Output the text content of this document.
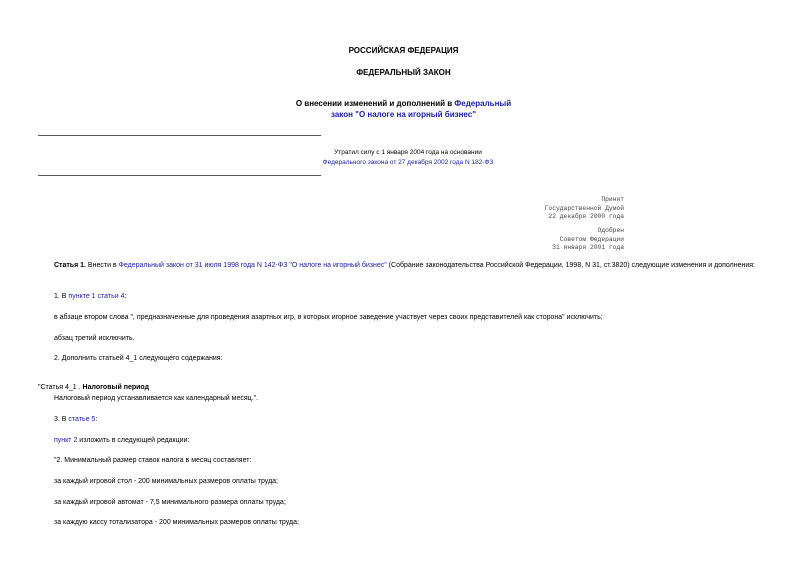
РОССИЙСКАЯ ФЕДЕРАЦИЯ
ФЕДЕРАЛЬНЫЙ ЗАКОН
О внесении изменений и дополнений в Федеральный
закон "О налоге на игорный бизнес"
Утратил силу с 1 января 2004 года на основании
Федерального закона от 27 декабря 2002 года N 182-ФЗ
Принят
Государственной Думой
22 декабря 2000 года
Одобрен
Советом Федерации
31 января 2001 года
Статья 1. Внести в Федеральный закон от 31 июля 1998 года N 142-ФЗ "О налоге на игорный бизнес" (Собрание законодательства Российской Федерации, 1998, N 31, ст.3820) следующие изменения и дополнения:
1. В пункте 1 статьи 4:
в абзаце втором слова ", предназначенные для проведения азартных игр, в которых игорное заведение участвует через своих представителей как сторона" исключить;
абзац третий исключить.
2. Дополнить статьей 4_1 следующего содержания:
"Статья 4_1 . Налоговый период
Налоговый период устанавливается как календарный месяц.".
3. В статье 5:
пункт 2 изложить в следующей редакции:
"2. Минимальный размер ставок налога в месяц составляет:
за каждый игровой стол - 200 минимальных размеров оплаты труда;
за каждый игровой автомат - 7,5 минимального размера оплаты труда;
за каждую кассу тотализатора - 200 минимальных размеров оплаты труда;
